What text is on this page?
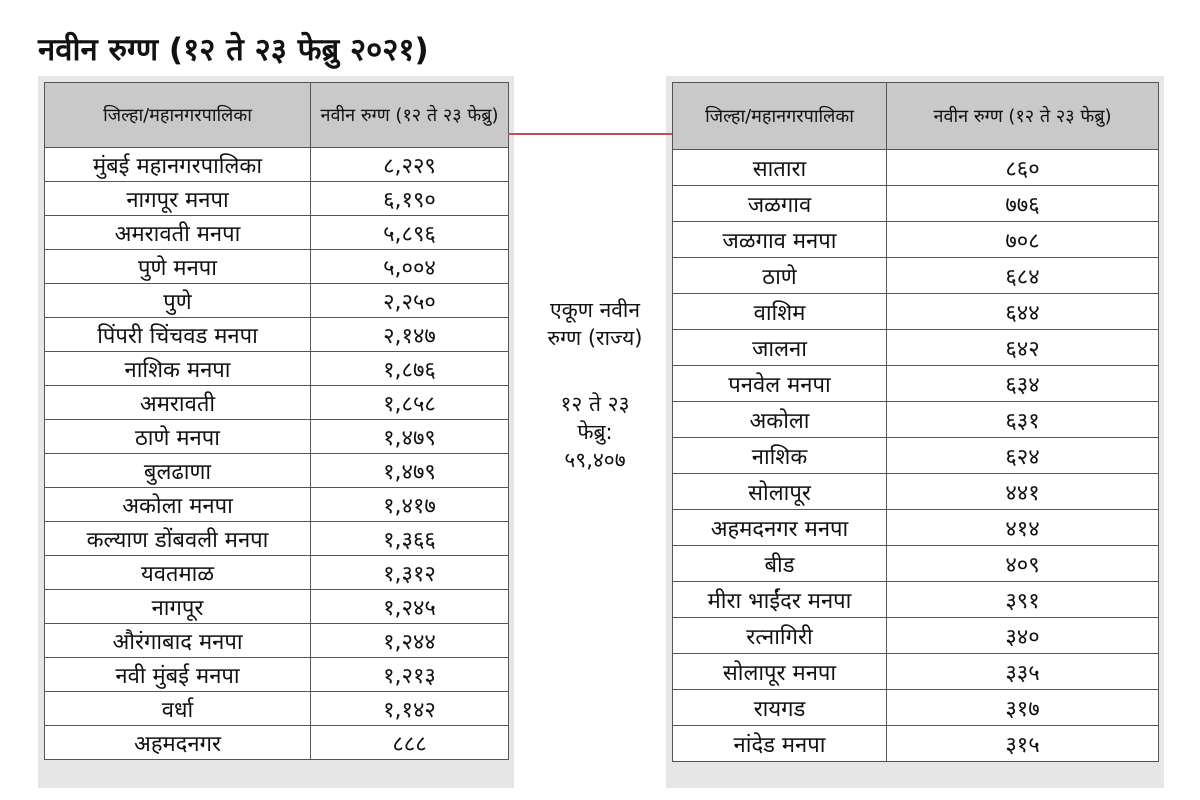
नवीन रुग्ण (१२ ते २३ फेब्रु २०२१)
जिल्हा/महानगरपालिका	नवीन रुग्ण (१२ ते २३ फेब्रु)
मुंबई महानगरपालिका	८,२२९
नागपूर मनपा	६,१९०
अमरावती मनपा	५,८९६
पुणे मनपा	५,००४
पुणे	२,२५०
पिंपरी चिंचवड मनपा	२,१४७
नाशिक मनपा	१,८७६
अमरावती	१,८५८
ठाणे मनपा	१,४७९
बुलढाणा	१,४७९
अकोला मनपा	१,४१७
कल्याण डोंबवली मनपा	१,३६६
यवतमाळ	१,३१२
नागपूर	१,२४५
औरंगाबाद मनपा	१,२४४
नवी मुंबई मनपा	१,२१३
वर्धा	१,१४२
अहमदनगर	८८८
एकूण नवीन
रुग्ण (राज्य)
१२ ते २३
फेब्रु:
५९,४०७
जिल्हा/महानगरपालिका	नवीन रुग्ण (१२ ते २३ फेब्रु)
सातारा	८६०
जळगाव	७७६
जळगाव मनपा	७०८
ठाणे	६८४
वाशिम	६४४
जालना	६४२
पनवेल मनपा	६३४
अकोला	६३१
नाशिक	६२४
सोलापूर	४४१
अहमदनगर मनपा	४१४
बीड	४०९
मीरा भाईंदर मनपा	३९१
रत्नागिरी	३४०
सोलापूर मनपा	३३५
रायगड	३१७
नांदेड मनपा	३१५
